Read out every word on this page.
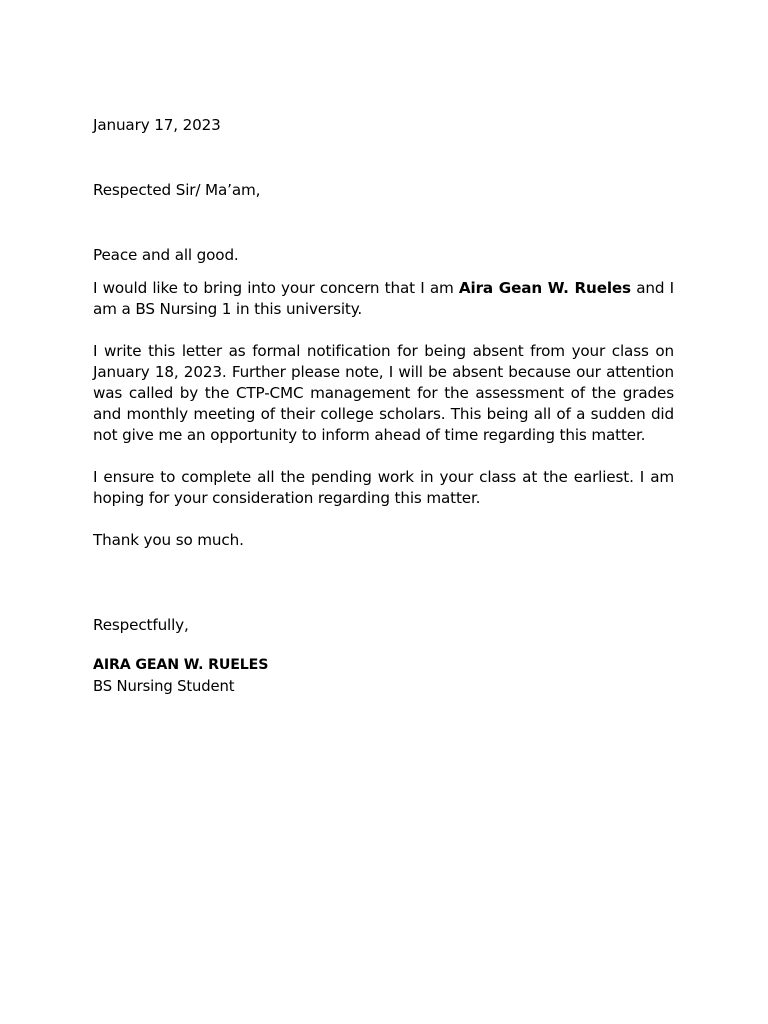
January 17, 2023

Respected Sir/ Ma’am,

Peace and all good.

I would like to bring into your concern that I am Aira Gean W. Rueles and I am a BS Nursing 1 in this university.

I write this letter as formal notification for being absent from your class on January 18, 2023. Further please note, I will be absent because our attention was called by the CTP-CMC management for the assessment of the grades and monthly meeting of their college scholars. This being all of a sudden did not give me an opportunity to inform ahead of time regarding this matter.

I ensure to complete all the pending work in your class at the earliest. I am hoping for your consideration regarding this matter.

Thank you so much.

Respectfully,

AIRA GEAN W. RUELES

BS Nursing Student
